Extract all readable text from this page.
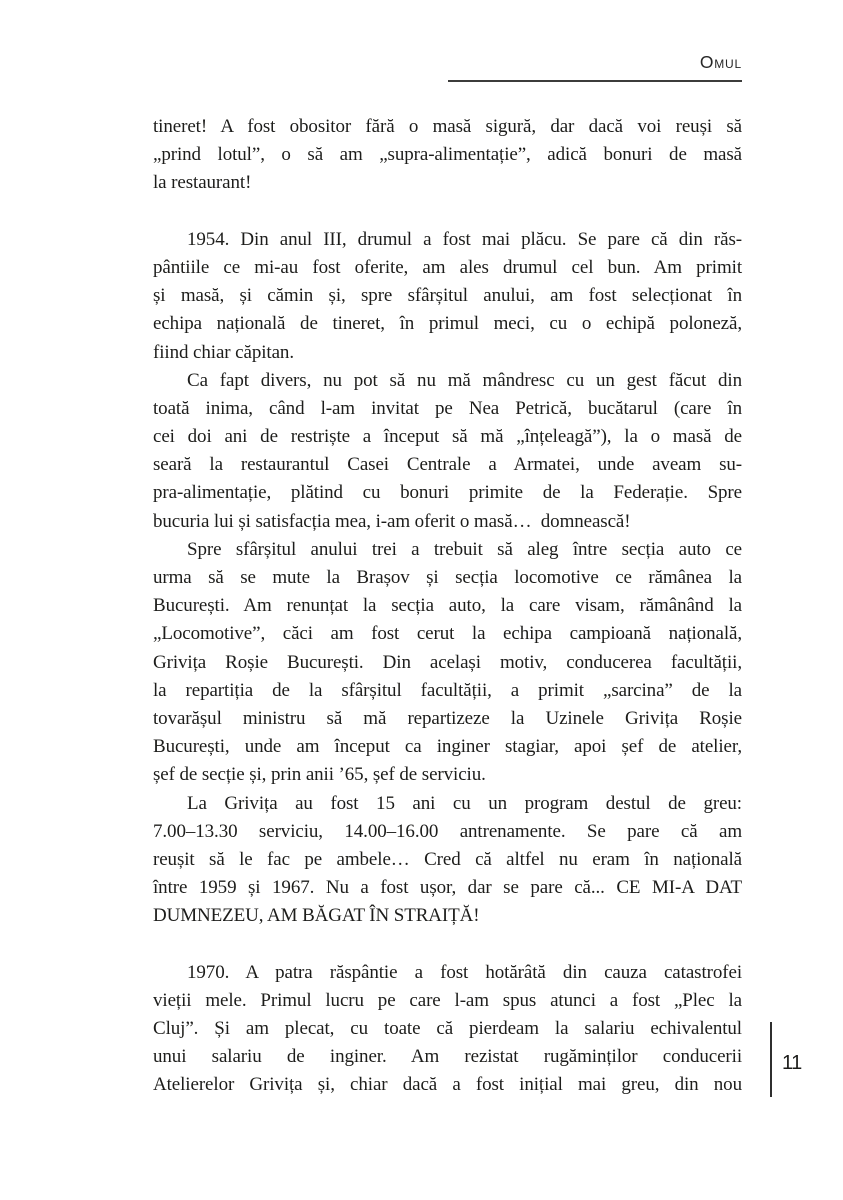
Omul
tineret! A fost obositor fără o masă sigură, dar dacă voi reuși să
„prind lotul”, o să am „supra-alimentație”, adică bonuri de masă
la restaurant!
1954. Din anul III, drumul a fost mai plăcu. Se pare că din răs-
pântiile ce mi-au fost oferite, am ales drumul cel bun. Am primit
și masă, și cămin și, spre sfârșitul anului, am fost selecționat în
echipa națională de tineret, în primul meci, cu o echipă poloneză,
fiind chiar căpitan.
Ca fapt divers, nu pot să nu mă mândresc cu un gest făcut din
toată inima, când l-am invitat pe Nea Petrică, bucătarul (care în
cei doi ani de restriște a început să mă „înțeleagă”), la o masă de
seară la restaurantul Casei Centrale a Armatei, unde aveam su-
pra-alimentație, plătind cu bonuri primite de la Federație. Spre
bucuria lui și satisfacția mea, i-am oferit o masă…  domnească!
Spre sfârșitul anului trei a trebuit să aleg între secția auto ce
urma să se mute la Brașov și secția locomotive ce rămânea la
București. Am renunțat la secția auto, la care visam, rămânând la
„Locomotive”, căci am fost cerut la echipa campioană națională,
Grivița Roșie București. Din același motiv, conducerea facultății,
la repartiția de la sfârșitul facultății, a primit „sarcina” de la
tovarășul ministru să mă repartizeze la Uzinele Grivița Roșie
București, unde am început ca inginer stagiar, apoi șef de atelier,
șef de secție și, prin anii ’65, șef de serviciu.
La Grivița au fost 15 ani cu un program destul de greu:
7.00–13.30 serviciu, 14.00–16.00 antrenamente. Se pare că am
reușit să le fac pe ambele… Cred că altfel nu eram în națională
între 1959 și 1967. Nu a fost ușor, dar se pare că... CE MI-A DAT
DUMNEZEU, AM BĂGAT ÎN STRAIȚĂ!
1970. A patra răspântie a fost hotărâtă din cauza catastrofei
vieții mele. Primul lucru pe care l-am spus atunci a fost „Plec la
Cluj”. Și am plecat, cu toate că pierdeam la salariu echivalentul
unui salariu de inginer. Am rezistat rugăminților conducerii
Atelierelor Grivița și, chiar dacă a fost inițial mai greu, din nou
11
